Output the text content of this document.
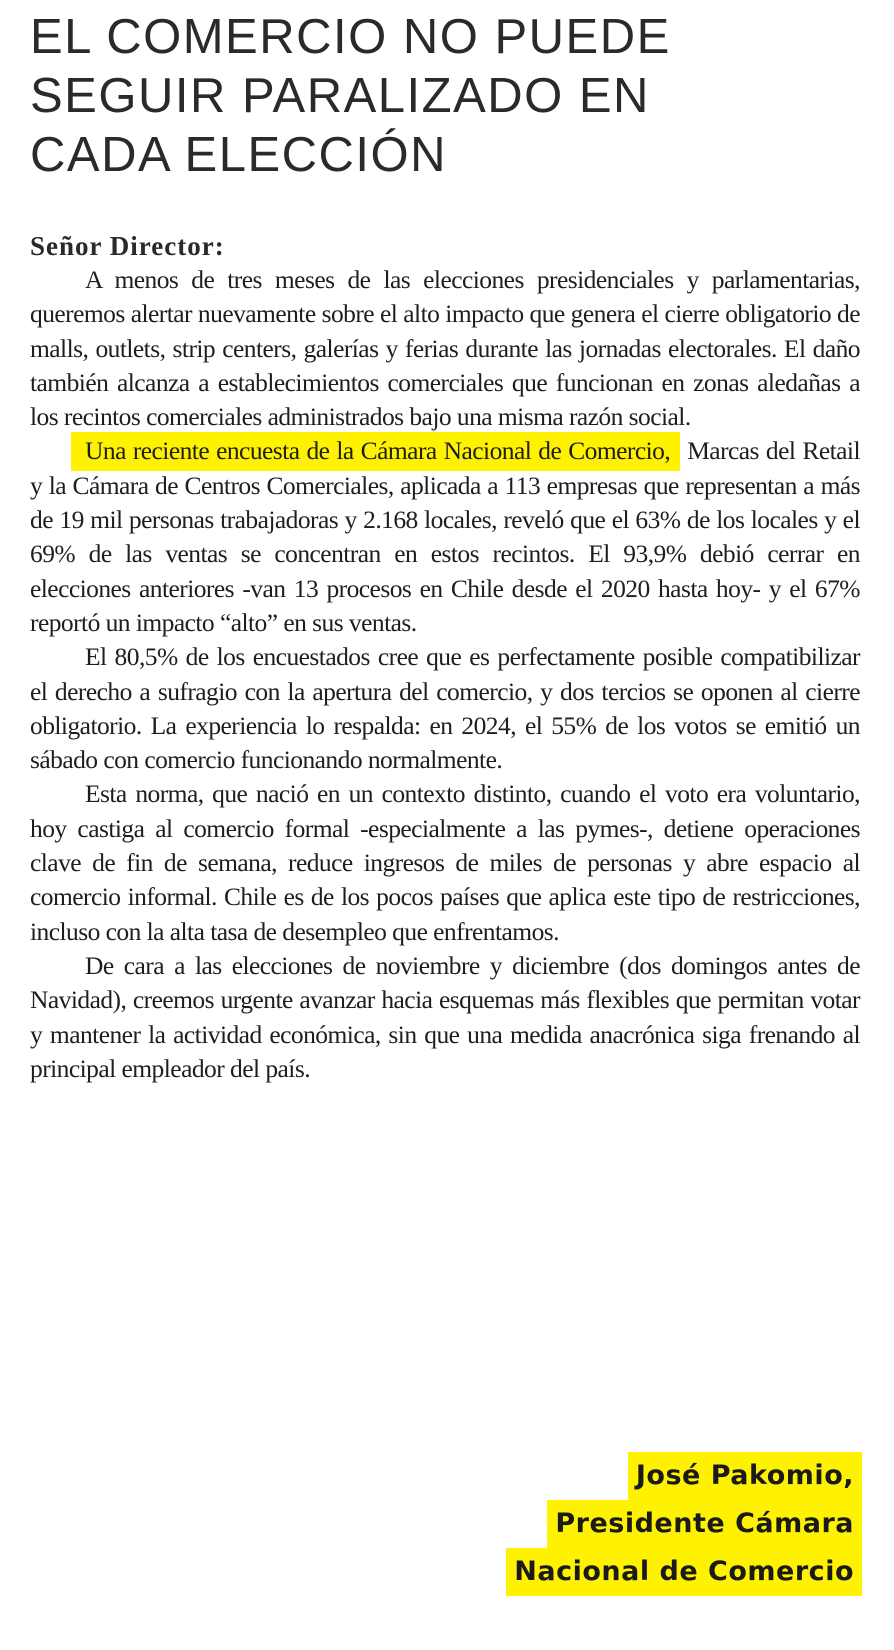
EL COMERCIO NO PUEDE
SEGUIR PARALIZADO EN
CADA ELECCIÓN

Señor Director:

A menos de tres meses de las elecciones presidenciales y parlamentarias, queremos alertar nuevamente sobre el alto impacto que genera el cierre obligatorio de malls, outlets, strip centers, galerías y ferias durante las jornadas electorales. El daño también alcanza a establecimientos comerciales que funcionan en zonas aledañas a los recintos comerciales administrados bajo una misma razón social.

Una reciente encuesta de la Cámara Nacional de Comercio, Marcas del Retail y la Cámara de Centros Comerciales, aplicada a 113 empresas que representan a más de 19 mil personas trabajadoras y 2.168 locales, reveló que el 63% de los locales y el 69% de las ventas se concentran en estos recintos. El 93,9% debió cerrar en elecciones anteriores -van 13 procesos en Chile desde el 2020 hasta hoy- y el 67% reportó un impacto “alto” en sus ventas.

El 80,5% de los encuestados cree que es perfectamente posible compatibilizar el derecho a sufragio con la apertura del comercio, y dos tercios se oponen al cierre obligatorio. La experiencia lo respalda: en 2024, el 55% de los votos se emitió un sábado con comercio funcionando normalmente.

Esta norma, que nació en un contexto distinto, cuando el voto era voluntario, hoy castiga al comercio formal -especialmente a las pymes-, detiene operaciones clave de fin de semana, reduce ingresos de miles de personas y abre espacio al comercio informal. Chile es de los pocos países que aplica este tipo de restricciones, incluso con la alta tasa de desempleo que enfrentamos.

De cara a las elecciones de noviembre y diciembre (dos domingos antes de Navidad), creemos urgente avanzar hacia esquemas más flexibles que permitan votar y mantener la actividad económica, sin que una medida anacrónica siga frenando al principal empleador del país.

José Pakomio,
Presidente Cámara
Nacional de Comercio
